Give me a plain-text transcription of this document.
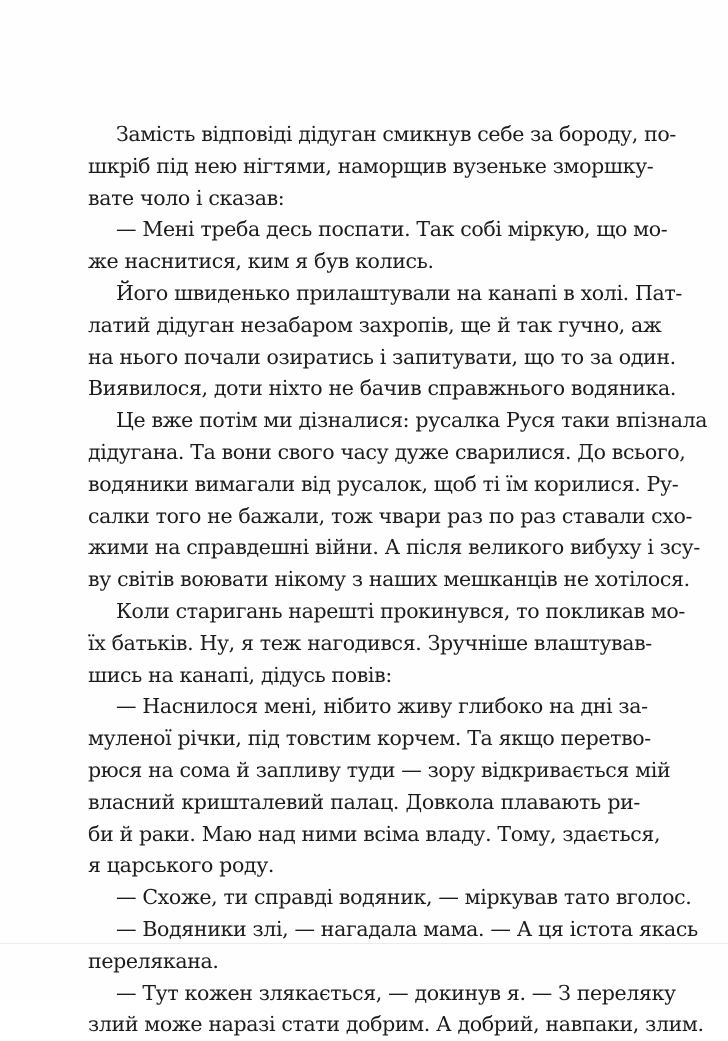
Замість відповіді дідуган смикнув себе за бороду, по-
шкріб під нею нігтями, наморщив вузеньке зморшку-
вате чоло і сказав:
— Мені треба десь поспати. Так собі міркую, що мо-
же наснитися, ким я був колись.
Його швиденько прилаштували на канапі в холі. Пат-
латий дідуган незабаром захропів, ще й так гучно, аж
на нього почали озиратись і запитувати, що то за один.
Виявилося, доти ніхто не бачив справжнього водяника.
Це вже потім ми дізналися: русалка Руся таки впізнала
дідугана. Та вони свого часу дуже сварилися. До всього,
водяники вимагали від русалок, щоб ті їм корилися. Ру-
салки того не бажали, тож чвари раз по раз ставали схо-
жими на справдешні війни. А після великого вибуху і зсу-
ву світів воювати нікому з наших мешканців не хотілося.
Коли старигань нарешті прокинувся, то покликав мо-
їх батьків. Ну, я теж нагодився. Зручніше влаштував-
шись на канапі, дідусь повів:
— Наснилося мені, нібито живу глибоко на дні за-
муленої річки, під товстим корчем. Та якщо перетво-
рюся на сома й запливу туди — зору відкривається мій
власний кришталевий палац. Довкола плавають ри-
би й раки. Маю над ними всіма владу. Тому, здається,
я царського роду.
— Схоже, ти справді водяник, — міркував тато вголос.
— Водяники злі, — нагадала мама. — А ця істота якась
перелякана.
— Тут кожен злякається, — докинув я. — З переляку
злий може наразі стати добрим. А добрий, навпаки, злим.
